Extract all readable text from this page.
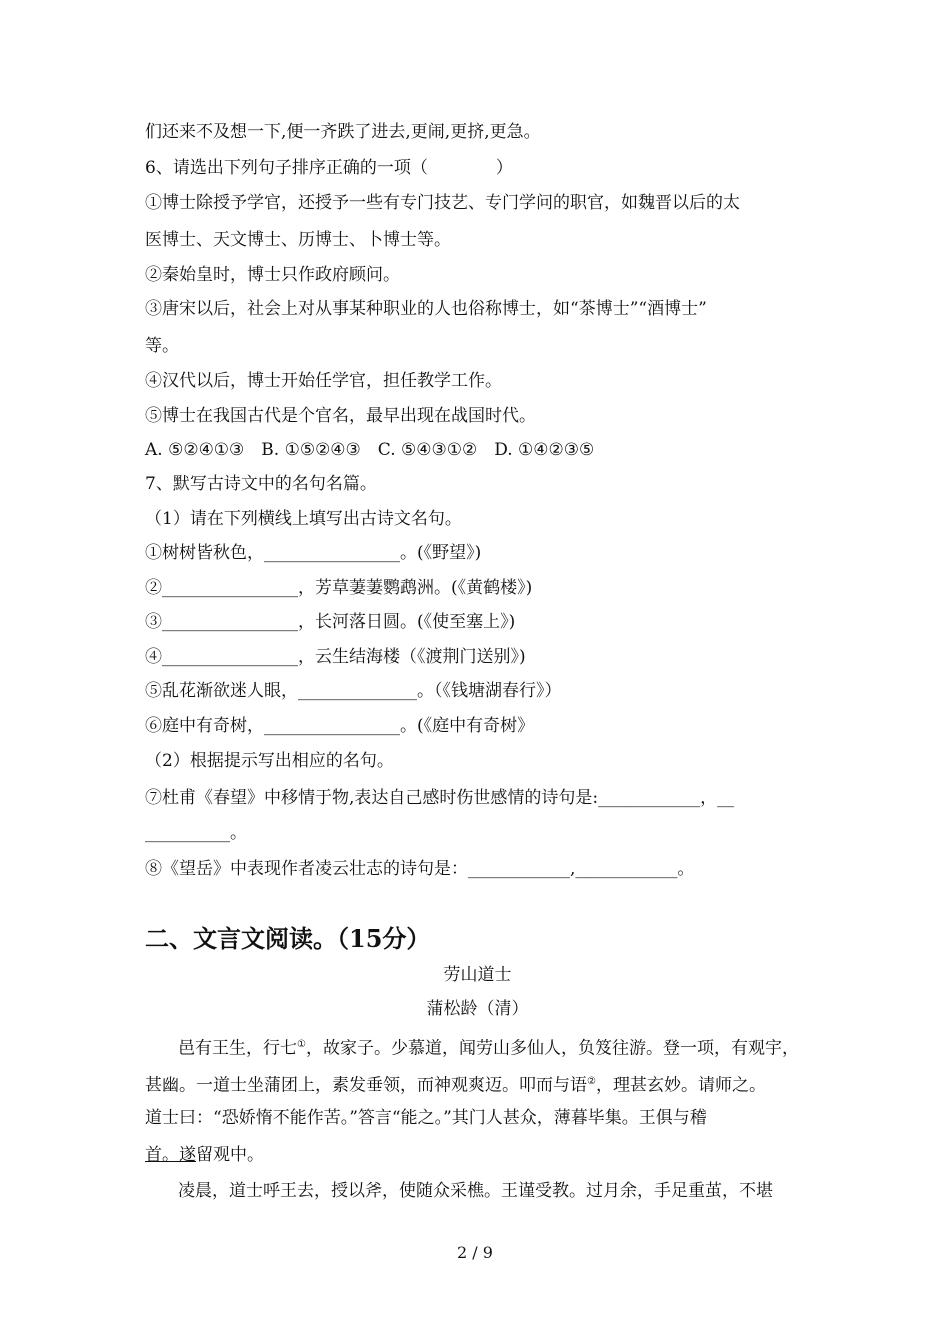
们还来不及想一下,便一齐跌了进去,更闹,更挤,更急。
6、请选出下列句子排序正确的一项（　　　　）
①博士除授予学官，还授予一些有专门技艺、专门学问的职官，如魏晋以后的太
医博士、天文博士、历博士、卜博士等。
②秦始皇时，博士只作政府顾问。
③唐宋以后，社会上对从事某种职业的人也俗称博士，如“茶博士”“酒博士”
等。
④汉代以后，博士开始任学官，担任教学工作。
⑤博士在我国古代是个官名，最早出现在战国时代。
A. ⑤②④①③　B. ①⑤②④③　C. ⑤④③①②　D. ①④②③⑤
7、默写古诗文中的名句名篇。
（1）请在下列横线上填写出古诗文名句。
①树树皆秋色，________________。(《野望》)
②________________，芳草萋萋鹦鹉洲。(《黄鹤楼》)
③________________，长河落日圆。(《使至塞上》)
④________________，云生结海楼（《渡荆门送别》)
⑤乱花渐欲迷人眼，______________。（《钱塘湖春行》）
⑥庭中有奇树，________________。(《庭中有奇树》
（2）根据提示写出相应的名句。
⑦杜甫《春望》中移情于物,表达自己感时伤世感情的诗句是:____________，__
__________。
⑧《望岳》中表现作者凌云壮志的诗句是：____________,____________。
二、文言文阅读。（15分）
劳山道士
蒲松龄（清）
邑有王生，行七①，故家子。少慕道，闻劳山多仙人，负笈往游。登一项，有观宇，
甚幽。一道士坐蒲团上，素发垂领，而神观爽迈。叩而与语②，理甚玄妙。请师之。
道士曰：“恐娇惰不能作苦。”答言“能之。”其门人甚众，薄暮毕集。王俱与稽
首。遂留观中。
凌晨，道士呼王去，授以斧，使随众采樵。王谨受教。过月余，手足重茧，不堪
2 / 9
